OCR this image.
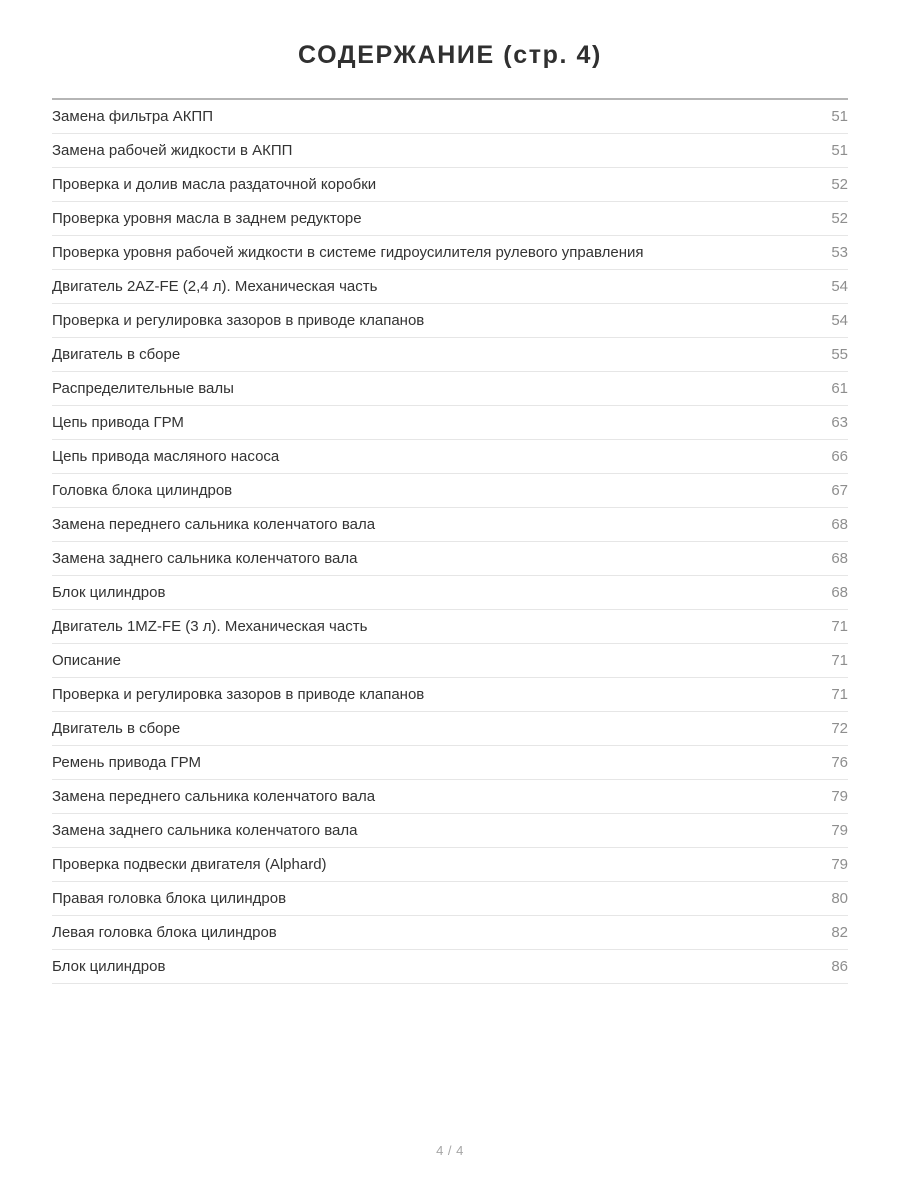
СОДЕРЖАНИЕ (стр. 4)
Замена фильтра АКПП	51
Замена рабочей жидкости в АКПП	51
Проверка и долив масла раздаточной коробки	52
Проверка уровня масла в заднем редукторе	52
Проверка уровня рабочей жидкости в системе гидроусилителя рулевого управления	53
Двигатель 2AZ-FE (2,4 л). Механическая часть	54
Проверка и регулировка зазоров в приводе клапанов	54
Двигатель в сборе	55
Распределительные валы	61
Цепь привода ГРМ	63
Цепь привода масляного насоса	66
Головка блока цилиндров	67
Замена переднего сальника коленчатого вала	68
Замена заднего сальника коленчатого вала	68
Блок цилиндров	68
Двигатель 1MZ-FE (3 л). Механическая часть	71
Описание	71
Проверка и регулировка зазоров в приводе клапанов	71
Двигатель в сборе	72
Ремень привода ГРМ	76
Замена переднего сальника коленчатого вала	79
Замена заднего сальника коленчатого вала	79
Проверка подвески двигателя (Alphard)	79
Правая головка блока цилиндров	80
Левая головка блока цилиндров	82
Блок цилиндров	86
4 / 4
